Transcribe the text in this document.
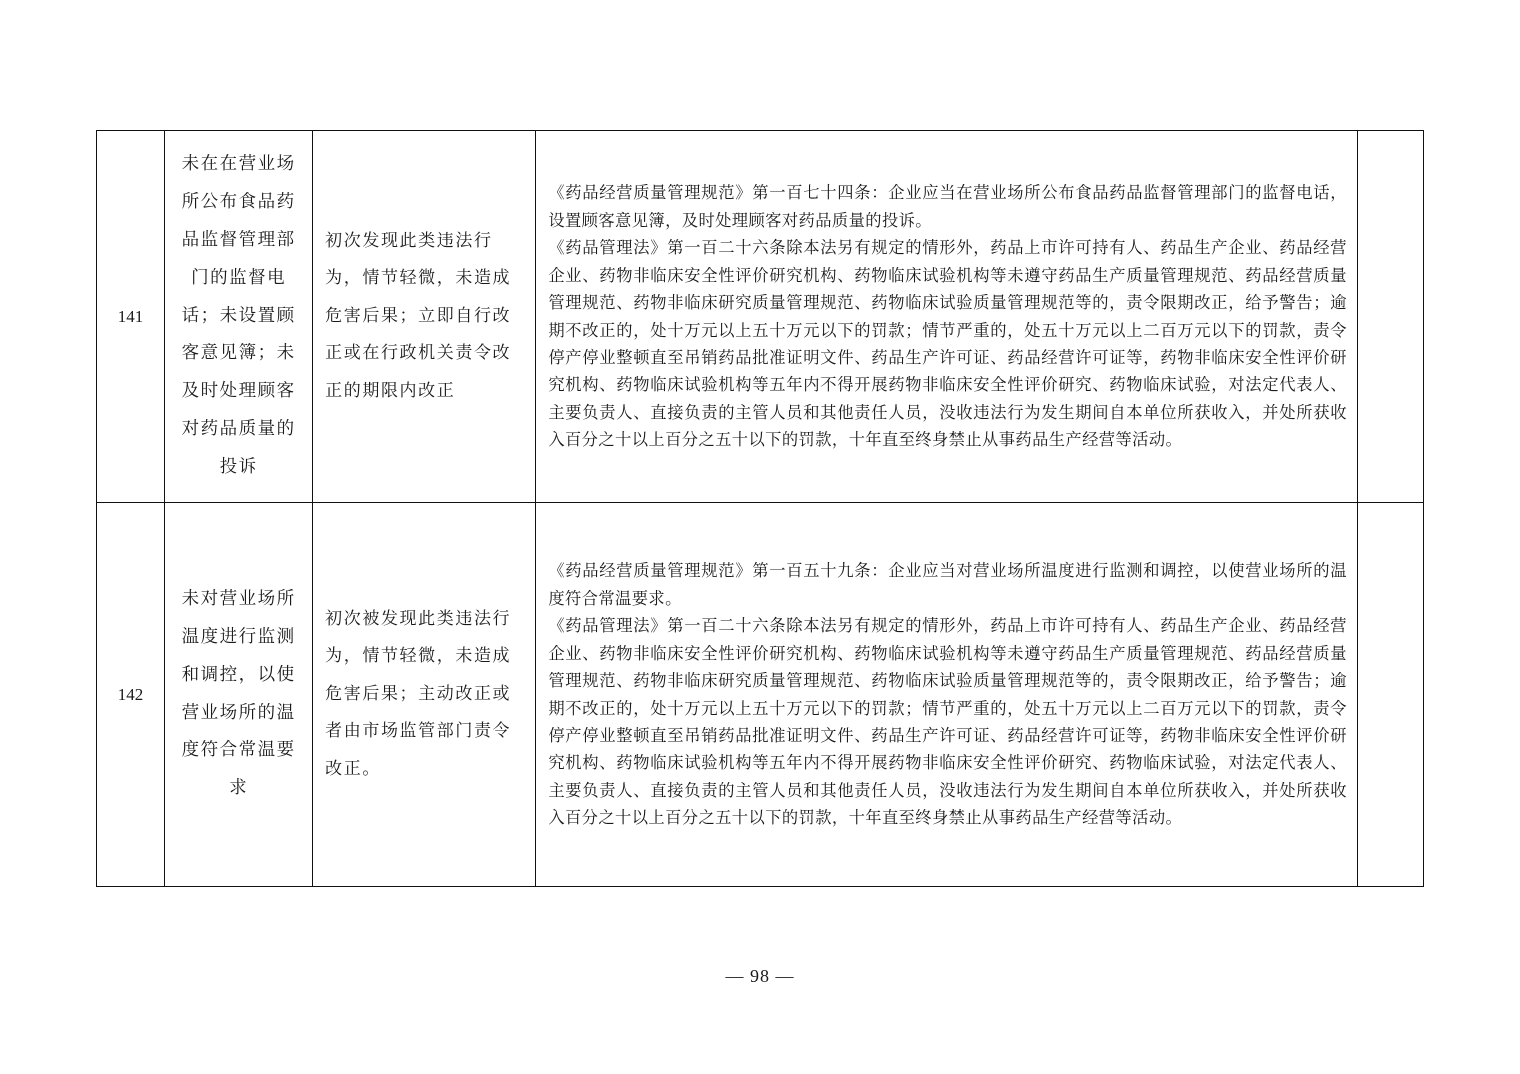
141	未在在营业场所公布食品药品监督管理部门的监督电话；未设置顾客意见簿；未及时处理顾客对药品质量的投诉	初次发现此类违法行为，情节轻微，未造成危害后果；立即自行改正或在行政机关责令改正的期限内改正	《药品经营质量管理规范》第一百七十四条：企业应当在营业场所公布食品药品监督管理部门的监督电话，设置顾客意见簿，及时处理顾客对药品质量的投诉。

《药品管理法》第一百二十六条除本法另有规定的情形外，药品上市许可持有人、药品生产企业、药品经营企业、药物非临床安全性评价研究机构、药物临床试验机构等未遵守药品生产质量管理规范、药品经营质量管理规范、药物非临床研究质量管理规范、药物临床试验质量管理规范等的，责令限期改正，给予警告；逾期不改正的，处十万元以上五十万元以下的罚款；情节严重的，处五十万元以上二百万元以下的罚款，责令停产停业整顿直至吊销药品批准证明文件、药品生产许可证、药品经营许可证等，药物非临床安全性评价研究机构、药物临床试验机构等五年内不得开展药物非临床安全性评价研究、药物临床试验，对法定代表人、主要负责人、直接负责的主管人员和其他责任人员，没收违法行为发生期间自本单位所获收入，并处所获收入百分之十以上百分之五十以下的罚款，十年直至终身禁止从事药品生产经营等活动。	

142	未对营业场所温度进行监测和调控，以使营业场所的温度符合常温要求	初次被发现此类违法行为，情节轻微，未造成危害后果；主动改正或者由市场监管部门责令改正。	《药品经营质量管理规范》第一百五十九条：企业应当对营业场所温度进行监测和调控，以使营业场所的温度符合常温要求。

《药品管理法》第一百二十六条除本法另有规定的情形外，药品上市许可持有人、药品生产企业、药品经营企业、药物非临床安全性评价研究机构、药物临床试验机构等未遵守药品生产质量管理规范、药品经营质量管理规范、药物非临床研究质量管理规范、药物临床试验质量管理规范等的，责令限期改正，给予警告；逾期不改正的，处十万元以上五十万元以下的罚款；情节严重的，处五十万元以上二百万元以下的罚款，责令停产停业整顿直至吊销药品批准证明文件、药品生产许可证、药品经营许可证等，药物非临床安全性评价研究机构、药物临床试验机构等五年内不得开展药物非临床安全性评价研究、药物临床试验，对法定代表人、主要负责人、直接负责的主管人员和其他责任人员，没收违法行为发生期间自本单位所获收入，并处所获收入百分之十以上百分之五十以下的罚款，十年直至终身禁止从事药品生产经营等活动。	

— 98 —
